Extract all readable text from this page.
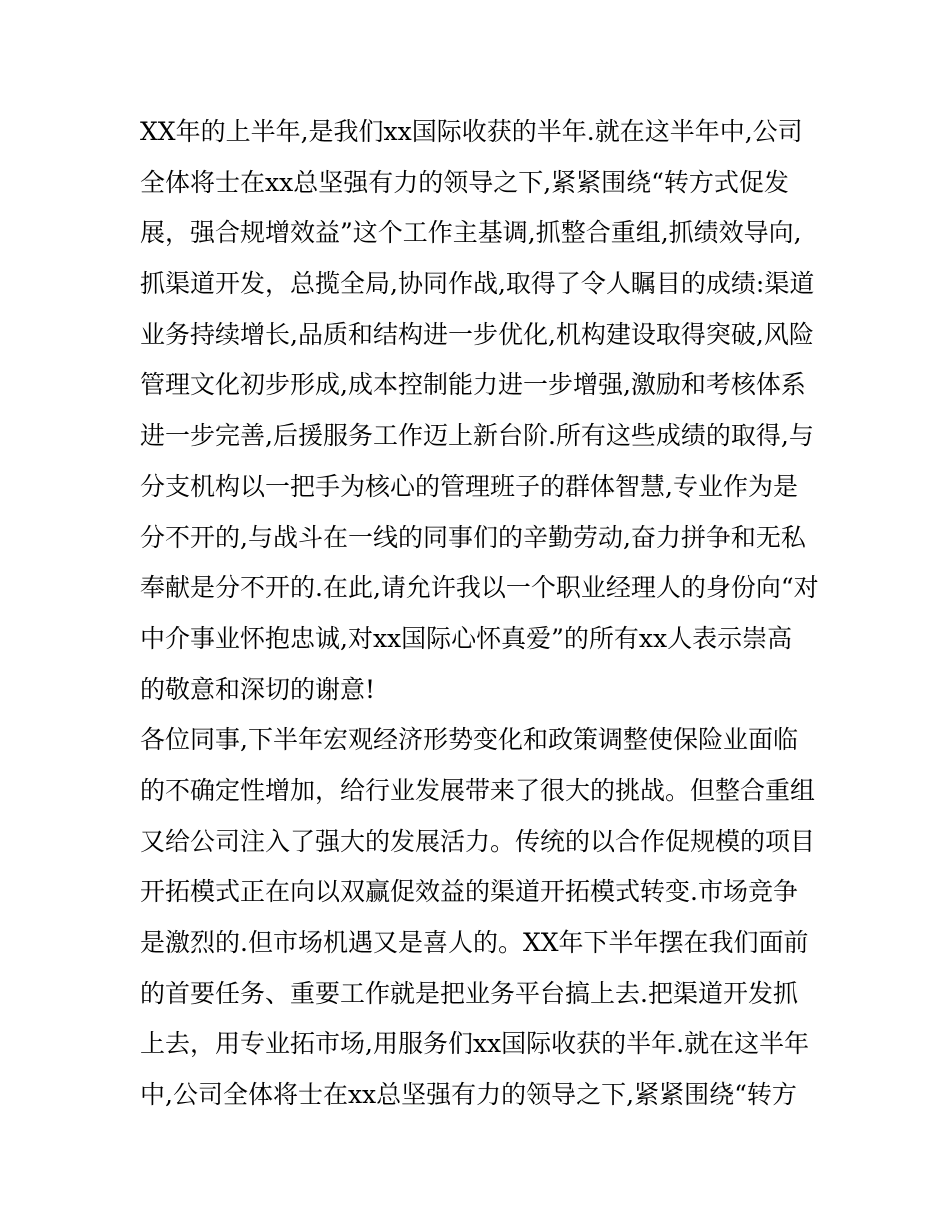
XX年的上半年,是我们xx国际收获的半年.就在这半年中,公司
全体将士在xx总坚强有力的领导之下,紧紧围绕“转方式促发
展，强合规增效益”这个工作主基调,抓整合重组,抓绩效导向,
抓渠道开发，总揽全局,协同作战,取得了令人瞩目的成绩:渠道
业务持续增长,品质和结构进一步优化,机构建设取得突破,风险
管理文化初步形成,成本控制能力进一步增强,激励和考核体系
进一步完善,后援服务工作迈上新台阶.所有这些成绩的取得,与
分支机构以一把手为核心的管理班子的群体智慧,专业作为是
分不开的,与战斗在一线的同事们的辛勤劳动,奋力拼争和无私
奉献是分不开的.在此,请允许我以一个职业经理人的身份向“对
中介事业怀抱忠诚,对xx国际心怀真爱”的所有xx人表示崇高
的敬意和深切的谢意!
各位同事,下半年宏观经济形势变化和政策调整使保险业面临
的不确定性增加，给行业发展带来了很大的挑战。但整合重组
又给公司注入了强大的发展活力。传统的以合作促规模的项目
开拓模式正在向以双赢促效益的渠道开拓模式转变.市场竞争
是激烈的.但市场机遇又是喜人的。XX年下半年摆在我们面前
的首要任务、重要工作就是把业务平台搞上去.把渠道开发抓
上去，用专业拓市场,用服务们xx国际收获的半年.就在这半年
中,公司全体将士在xx总坚强有力的领导之下,紧紧围绕“转方
